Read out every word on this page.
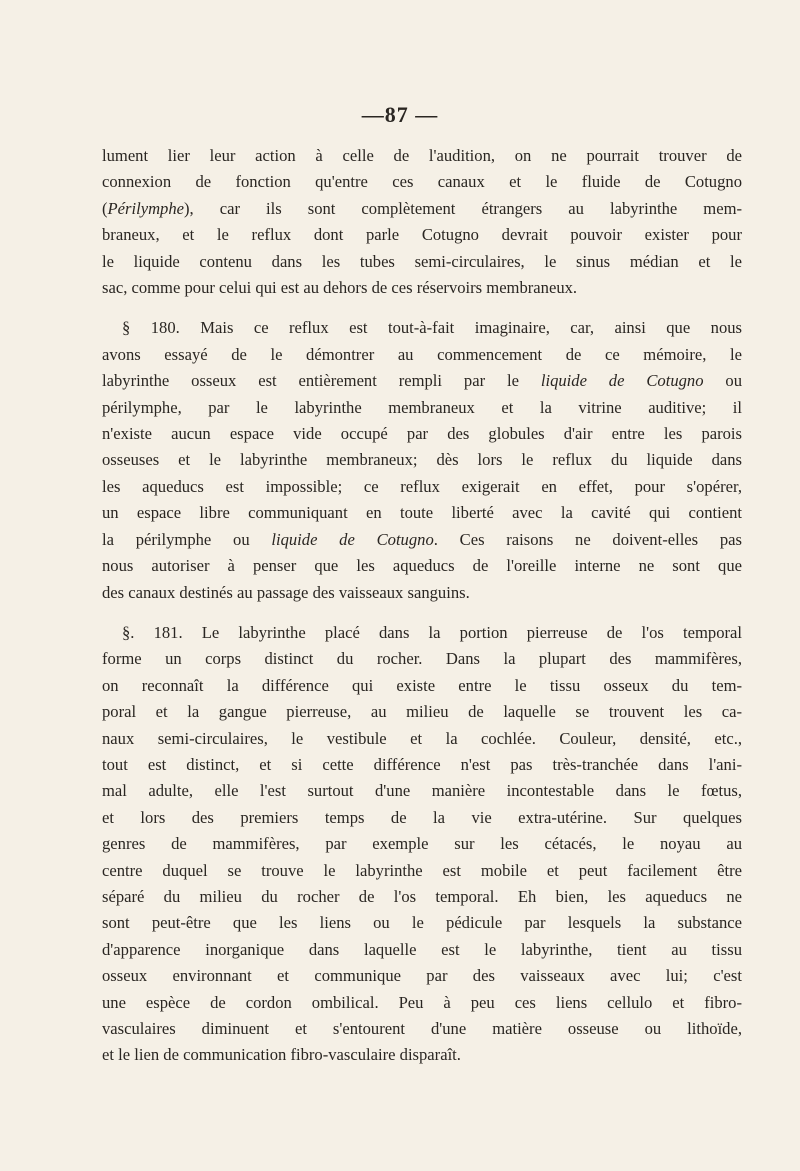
—87 —
lument lier leur action à celle de l'audition, on ne pourrait trouver de
connexion de fonction qu'entre ces canaux et le fluide de Cotugno
(Périlymphe), car ils sont complètement étrangers au labyrinthe mem-
braneux, et le reflux dont parle Cotugno devrait pouvoir exister pour
le liquide contenu dans les tubes semi-circulaires, le sinus médian et le
sac, comme pour celui qui est au dehors de ces réservoirs membraneux.
§ 180. Mais ce reflux est tout-à-fait imaginaire, car, ainsi que nous
avons essayé de le démontrer au commencement de ce mémoire, le
labyrinthe osseux est entièrement rempli par le liquide de Cotugno ou
périlymphe, par le labyrinthe membraneux et la vitrine auditive; il
n'existe aucun espace vide occupé par des globules d'air entre les parois
osseuses et le labyrinthe membraneux; dès lors le reflux du liquide dans
les aqueducs est impossible; ce reflux exigerait en effet, pour s'opérer,
un espace libre communiquant en toute liberté avec la cavité qui contient
la périlymphe ou liquide de Cotugno. Ces raisons ne doivent-elles pas
nous autoriser à penser que les aqueducs de l'oreille interne ne sont que
des canaux destinés au passage des vaisseaux sanguins.
§. 181. Le labyrinthe placé dans la portion pierreuse de l'os temporal
forme un corps distinct du rocher. Dans la plupart des mammifères,
on reconnaît la différence qui existe entre le tissu osseux du tem-
poral et la gangue pierreuse, au milieu de laquelle se trouvent les ca-
naux semi-circulaires, le vestibule et la cochlée. Couleur, densité, etc.,
tout est distinct, et si cette différence n'est pas très-tranchée dans l'ani-
mal adulte, elle l'est surtout d'une manière incontestable dans le fœtus,
et lors des premiers temps de la vie extra-utérine. Sur quelques
genres de mammifères, par exemple sur les cétacés, le noyau au
centre duquel se trouve le labyrinthe est mobile et peut facilement être
séparé du milieu du rocher de l'os temporal. Eh bien, les aqueducs ne
sont peut-être que les liens ou le pédicule par lesquels la substance
d'apparence inorganique dans laquelle est le labyrinthe, tient au tissu
osseux environnant et communique par des vaisseaux avec lui; c'est
une espèce de cordon ombilical. Peu à peu ces liens cellulo et fibro-
vasculaires diminuent et s'entourent d'une matière osseuse ou lithoïde,
et le lien de communication fibro-vasculaire disparaît.
